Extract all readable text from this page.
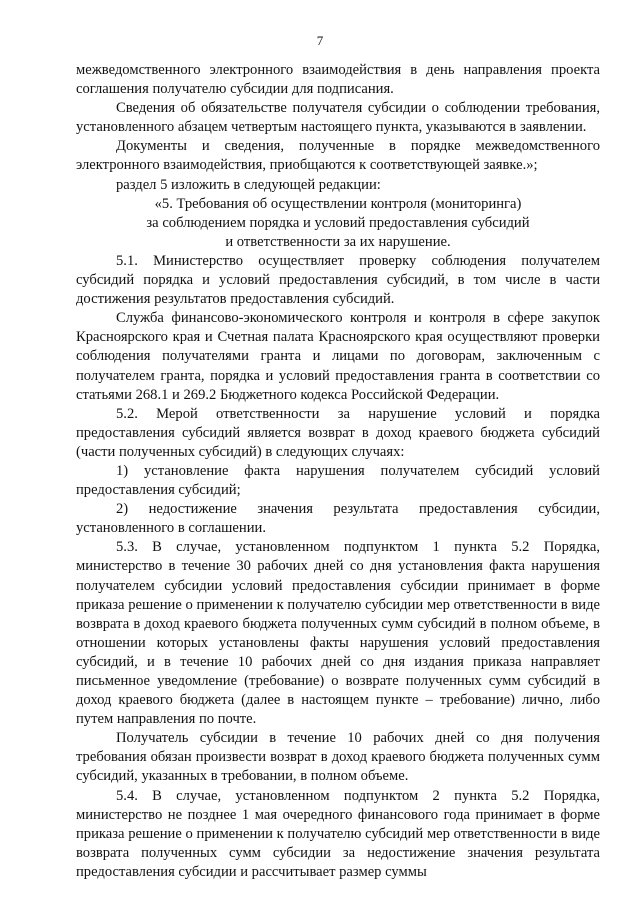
7

межведомственного электронного взаимодействия в день направления проекта соглашения получателю субсидии для подписания.

Сведения об обязательстве получателя субсидии о соблюдении требования, установленного абзацем четвертым настоящего пункта, указываются в заявлении.

Документы и сведения, полученные в порядке межведомственного электронного взаимодействия, приобщаются к соответствующей заявке.»;

раздел 5 изложить в следующей редакции:

«5. Требования об осуществлении контроля (мониторинга)

за соблюдением порядка и условий предоставления субсидий

и ответственности за их нарушение.

5.1. Министерство осуществляет проверку соблюдения получателем субсидий порядка и условий предоставления субсидий, в том числе в части достижения результатов предоставления субсидий.

Служба финансово-экономического контроля и контроля в сфере закупок Красноярского края и Счетная палата Красноярского края осуществляют проверки соблюдения получателями гранта и лицами по договорам, заключенным с получателем гранта, порядка и условий предоставления гранта в соответствии со статьями 268.1 и 269.2 Бюджетного кодекса Российской Федерации.

5.2. Мерой ответственности за нарушение условий и порядка предоставления субсидий является возврат в доход краевого бюджета субсидий (части полученных субсидий) в следующих случаях:

1) установление факта нарушения получателем субсидий условий предоставления субсидий;

2) недостижение значения результата предоставления субсидии, установленного в соглашении.

5.3. В случае, установленном подпунктом 1 пункта 5.2 Порядка, министерство в течение 30 рабочих дней со дня установления факта нарушения получателем субсидии условий предоставления субсидии принимает в форме приказа решение о применении к получателю субсидии мер ответственности в виде возврата в доход краевого бюджета полученных сумм субсидий в полном объеме, в отношении которых установлены факты нарушения условий предоставления субсидий, и в течение 10 рабочих дней со дня издания приказа направляет письменное уведомление (требование) о возврате полученных сумм субсидий в доход краевого бюджета (далее в настоящем пункте – требование) лично, либо путем направления по почте.

Получатель субсидии в течение 10 рабочих дней со дня получения требования обязан произвести возврат в доход краевого бюджета полученных сумм субсидий, указанных в требовании, в полном объеме.

5.4. В случае, установленном подпунктом 2 пункта 5.2 Порядка, министерство не позднее 1 мая очередного финансового года принимает в форме приказа решение о применении к получателю субсидий мер ответственности в виде возврата полученных сумм субсидии за недостижение значения результата предоставления субсидии и рассчитывает размер суммы
